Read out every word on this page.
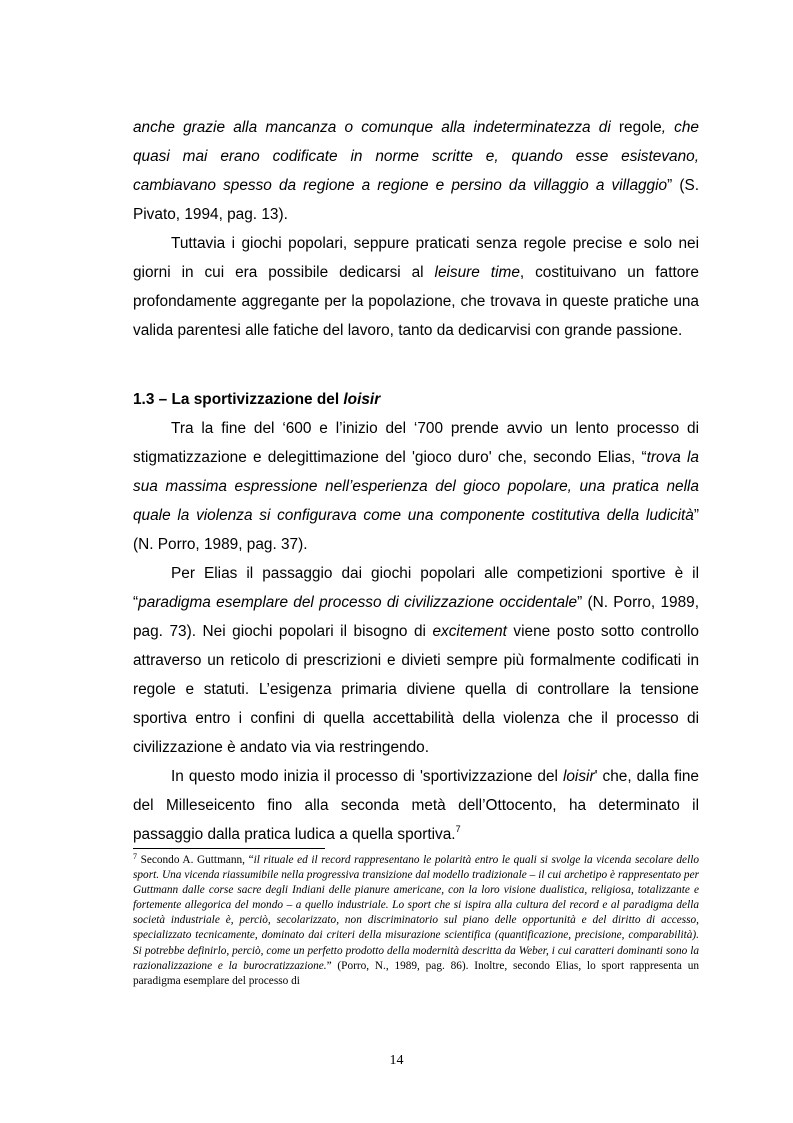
anche grazie alla mancanza o comunque alla indeterminatezza di regole, che quasi mai erano codificate in norme scritte e, quando esse esistevano, cambiavano spesso da regione a regione e persino da villaggio a villaggio” (S. Pivato, 1994, pag. 13).

Tuttavia i giochi popolari, seppure praticati senza regole precise e solo nei giorni in cui era possibile dedicarsi al leisure time, costituivano un fattore profondamente aggregante per la popolazione, che trovava in queste pratiche una valida parentesi alle fatiche del lavoro, tanto da dedicarvisi con grande passione.

1.3 – La sportivizzazione del loisir

Tra la fine del ‘600 e l’inizio del ‘700 prende avvio un lento processo di stigmatizzazione e delegittimazione del 'gioco duro' che, secondo Elias, “trova la sua massima espressione nell’esperienza del gioco popolare, una pratica nella quale la violenza si configurava come una componente costitutiva della ludicità” (N. Porro, 1989, pag. 37).

Per Elias il passaggio dai giochi popolari alle competizioni sportive è il “paradigma esemplare del processo di civilizzazione occidentale” (N. Porro, 1989, pag. 73). Nei giochi popolari il bisogno di excitement viene posto sotto controllo attraverso un reticolo di prescrizioni e divieti sempre più formalmente codificati in regole e statuti. L’esigenza primaria diviene quella di controllare la tensione sportiva entro i confini di quella accettabilità della violenza che il processo di civilizzazione è andato via via restringendo.

In questo modo inizia il processo di 'sportivizzazione del loisir' che, dalla fine del Milleseicento fino alla seconda metà dell’Ottocento, ha determinato il passaggio dalla pratica ludica a quella sportiva.$^7$

$^7$ Secondo A. Guttmann, “il rituale ed il record rappresentano le polarità entro le quali si svolge la vicenda secolare dello sport. Una vicenda riassumibile nella progressiva transizione dal modello tradizionale – il cui archetipo è rappresentato per Guttmann dalle corse sacre degli Indiani delle pianure americane, con la loro visione dualistica, religiosa, totalizzante e fortemente allegorica del mondo – a quello industriale. Lo sport che si ispira alla cultura del record e al paradigma della società industriale è, perciò, secolarizzato, non discriminatorio sul piano delle opportunità e del diritto di accesso, specializzato tecnicamente, dominato dai criteri della misurazione scientifica (quantificazione, precisione, comparabilità). Si potrebbe definirlo, perciò, come un perfetto prodotto della modernità descritta da Weber, i cui caratteri dominanti sono la razionalizzazione e la burocratizzazione.” (Porro, N., 1989, pag. 86). Inoltre, secondo Elias, lo sport rappresenta un paradigma esemplare del processo di
14
